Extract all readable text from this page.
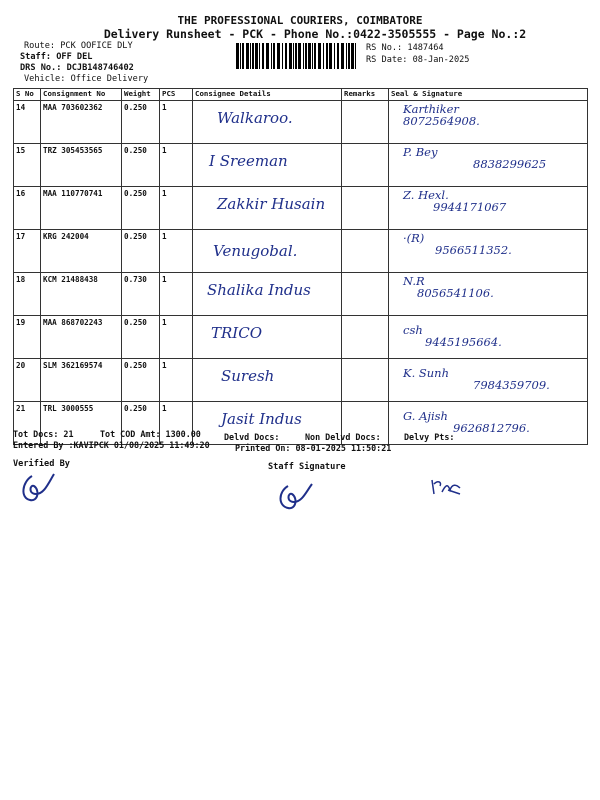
THE PROFESSIONAL COURIERS, COIMBATORE
Delivery Runsheet - PCK - Phone No.:0422-3505555 - Page No.:2
Route: PCK OOFICE DLY
Staff: OFF DEL
DRS No.: DCJB148746402
Vehicle: Office Delivery
RS No.: 1487464
RS Date: 08-Jan-2025
S No	Consignment No	Weight	PCS	Consignee Details	Remarks	Seal & Signature
14	MAA 703602362	0.250	1	Walkaroo.		Karthiker
8072564908.

15	TRZ 305453565	0.250	1	I Sreeman		P. Bey
8838299625

16	MAA 110770741	0.250	1	Zakkir Husain		Z. Hexl.
9944171067

17	KRG 242004	0.250	1	Venugobal.		·(R)
9566511352.

18	KCM 21488438	0.730	1	Shalika Indus		N.R
8056541106.

19	MAA 868702243	0.250	1	TRICO		csh
9445195664.

20	SLM 362169574	0.250	1	Suresh		K. Sunh
7984359709.

21	TRL 3000555	0.250	1	Jasit Indus		G. Ajish
9626812796.
Tot Docs: 21	Tot COD Amt: 1300.00	Delvd Docs:	Non Delvd Docs:	Delvy Pts:
Entered By :KAVIPCK 01/08/2025 11:49:20	Printed On: 08-01-2025 11:50:21
Verified By	Staff Signature
